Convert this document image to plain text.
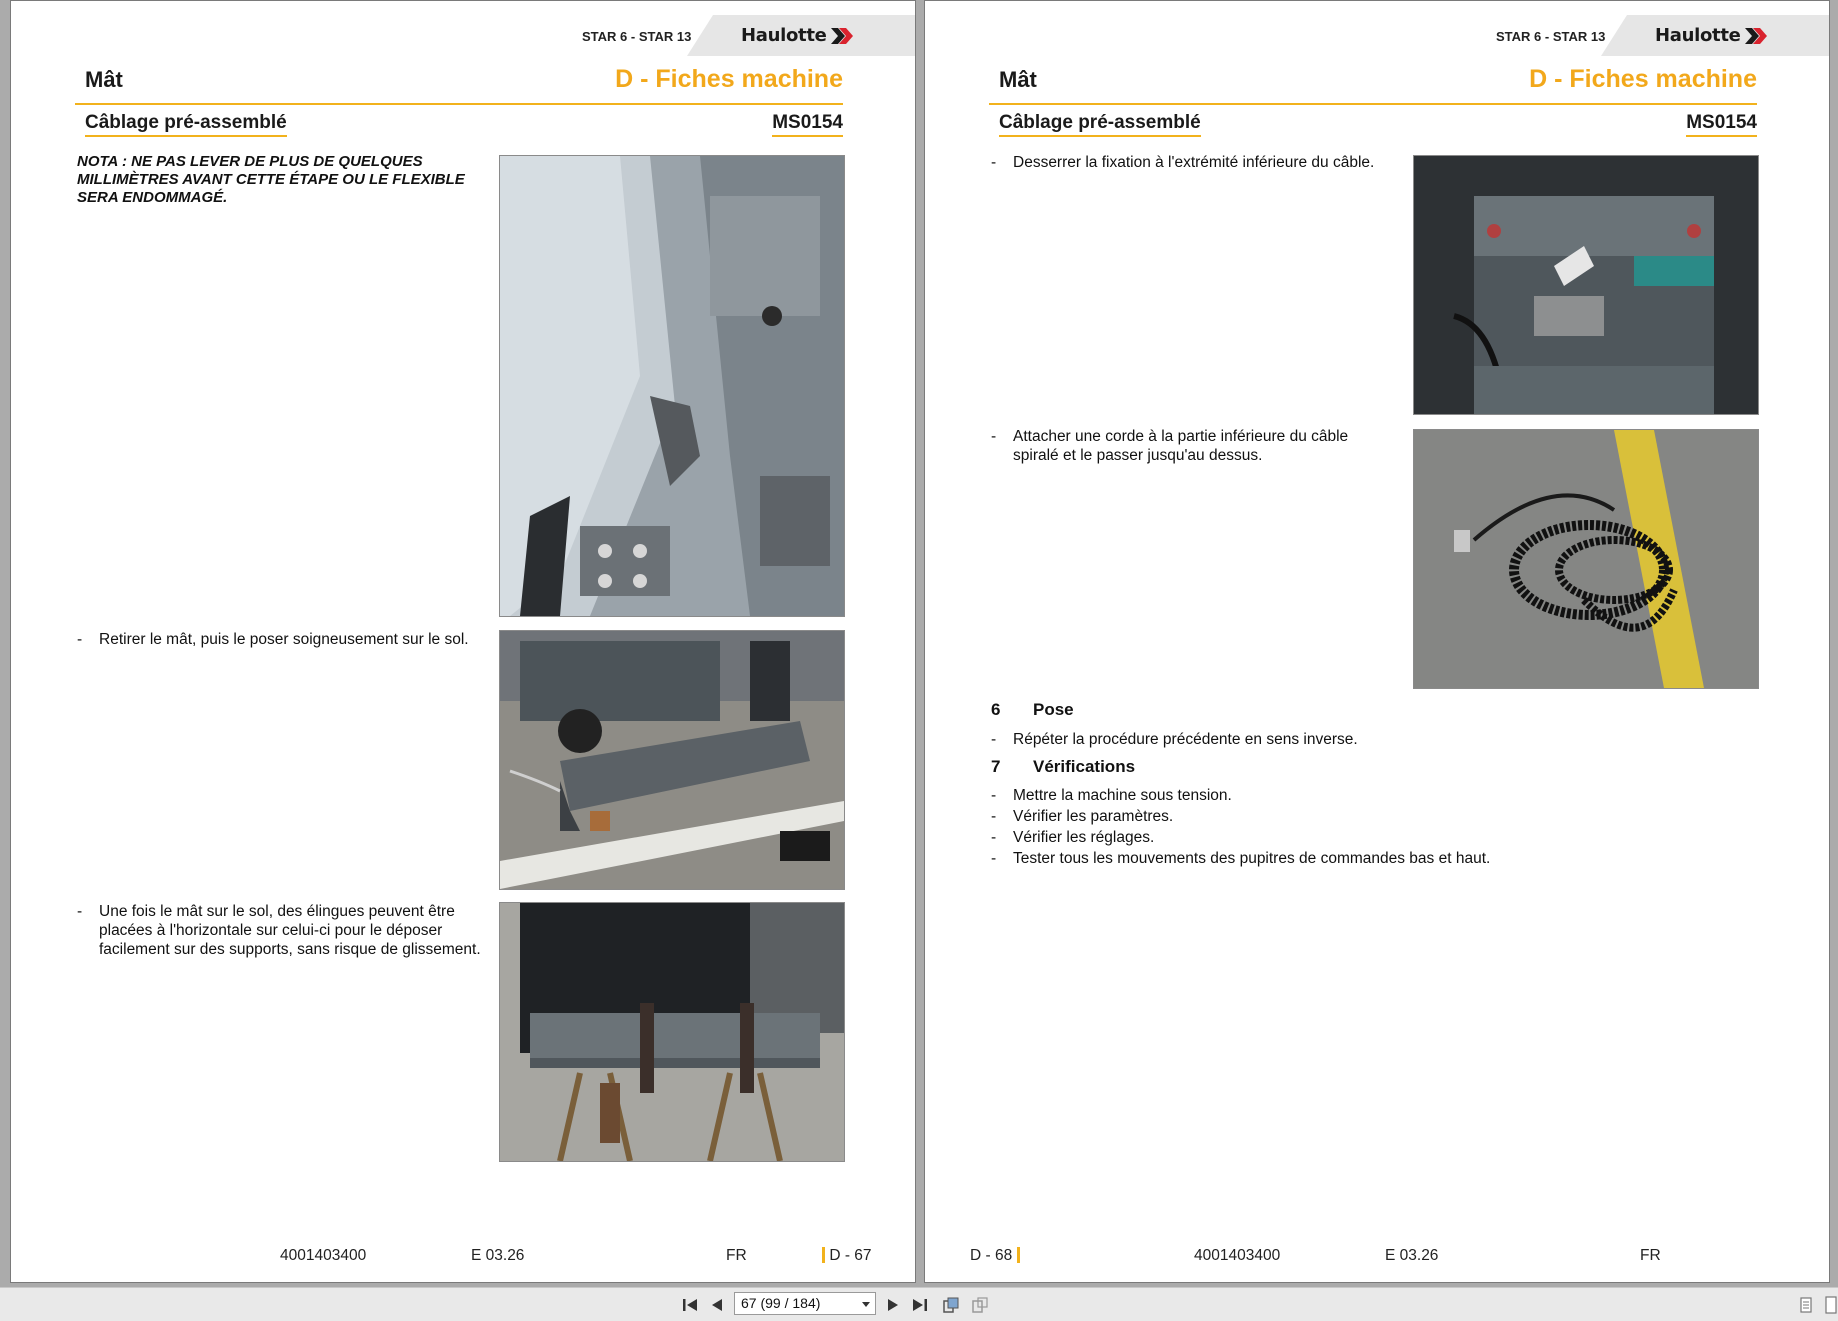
STAR 6 - STAR 13	Haulotte
Mât	D - Fiches machine
Câblage pré-assemblé	MS0154
NOTA : NE PAS LEVER DE PLUS DE QUELQUES MILLIMÈTRES AVANT CETTE ÉTAPE OU LE FLEXIBLE SERA ENDOMMAGÉ.
- Retirer le mât, puis le poser soigneusement sur le sol.
- Une fois le mât sur le sol, des élingues peuvent être placées à l'horizontale sur celui-ci pour le déposer facilement sur des supports, sans risque de glissement.
4001403400	E 03.26	FR	D - 67
STAR 6 - STAR 13	Haulotte
Mât	D - Fiches machine
Câblage pré-assemblé	MS0154
- Desserrer la fixation à l'extrémité inférieure du câble.
- Attacher une corde à la partie inférieure du câble spiralé et le passer jusqu'au dessus.
6 Pose
- Répéter la procédure précédente en sens inverse.
7 Vérifications
- Mettre la machine sous tension.
- Vérifier les paramètres.
- Vérifier les réglages.
- Tester tous les mouvements des pupitres de commandes bas et haut.
D - 68	4001403400	E 03.26	FR
67 (99 / 184)
